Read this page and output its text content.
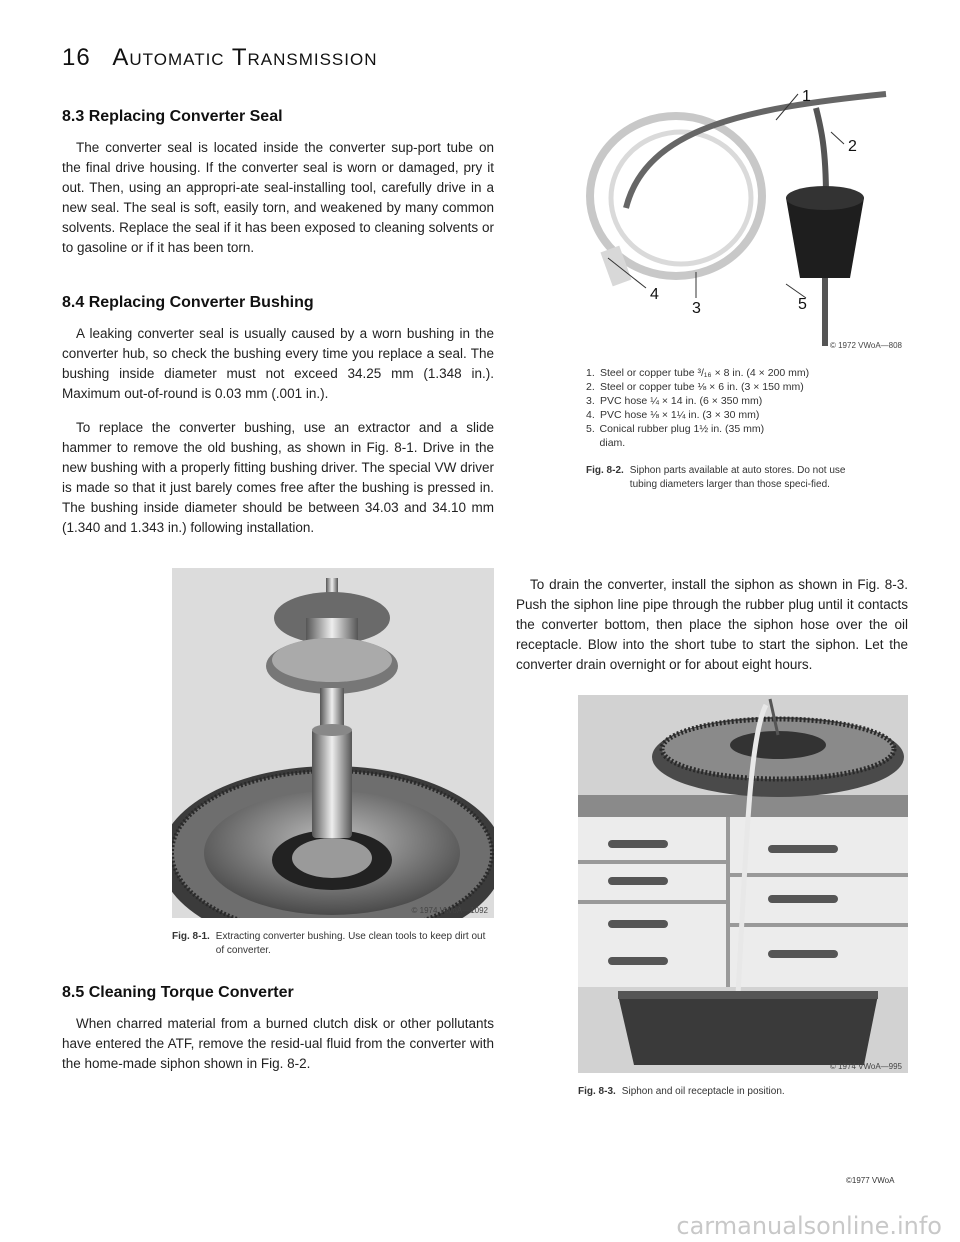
16 Automatic Transmission
8.3 Replacing Converter Seal

The converter seal is located inside the converter sup-port tube on the final drive housing. If the converter seal is worn or damaged, pry it out. Then, using an appropri-ate seal-installing tool, carefully drive in a new seal. The seal is soft, easily torn, and weakened by many common solvents. Replace the seal if it has been exposed to cleaning solvents or to gasoline or if it has been torn.

8.4 Replacing Converter Bushing

A leaking converter seal is usually caused by a worn bushing in the converter hub, so check the bushing every time you replace a seal. The bushing inside diameter must not exceed 34.25 mm (1.348 in.). Maximum out-of-round is 0.03 mm (.001 in.).

To replace the converter bushing, use an extractor and a slide hammer to remove the old bushing, as shown in Fig. 8-1. Drive in the new bushing with a properly fitting bushing driver. The special VW driver is made so that it just barely comes free after the bushing is pressed in. The bushing inside diameter should be between 34.03 and 34.10 mm (1.340 and 1.343 in.) following installation.

© 1974 VWoA—1092
Fig. 8-1. Extracting converter bushing. Use clean tools to keep dirt out of converter.
8.5 Cleaning Torque Converter

When charred material from a burned clutch disk or other pollutants have entered the ATF, remove the resid-ual fluid from the converter with the home-made siphon shown in Fig. 8-2.

1
2
3
4
5
© 1972 VWoA—808
1. Steel or copper tube ³/₁₆ × 8 in. (4 × 200 mm)
2. Steel or copper tube ⅛ × 6 in. (3 × 150 mm)
3. PVC hose ¼ × 14 in. (6 × 350 mm)
4. PVC hose ⅛ × 1¼ in. (3 × 30 mm)
5. Conical rubber plug 1½ in. (35 mm) diam.
Fig. 8-2. Siphon parts available at auto stores. Do not use tubing diameters larger than those speci-fied.

To drain the converter, install the siphon as shown in Fig. 8-3. Push the siphon line pipe through the rubber plug until it contacts the converter bottom, then place the siphon hose over the oil receptacle. Blow into the short tube to start the siphon. Let the converter drain overnight or for about eight hours.

© 1974 VWoA—995
Fig. 8-3. Siphon and oil receptacle in position.
©1977 VWoA
carmanualsonline.info
